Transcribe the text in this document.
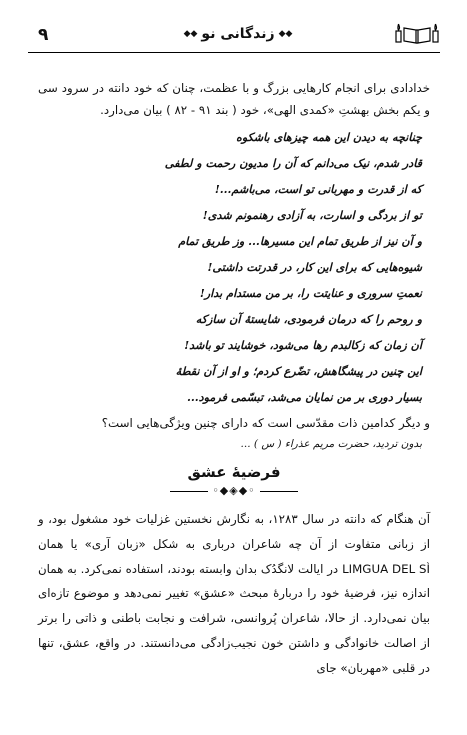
۹	◆◆زندگانی نو◆◆

خدادادی برای انجام کارهایی بزرگ و با عظمت، چنان که خود دانته در سرود سی و یکم بخش بهشتِ «کمدی الهی»، خود ( بند ۹۱ - ۸۲ ) بیان می‌دارد.

چنانچه به دیدن این همه چیزهای باشکوه
قادر شدم، نیک می‌دانم که آن را مدیون رحمت و لطفی
که از قدرت و مهربانی تو است، می‌باشم...!
تو از بردگی و اسارت، به آزادی رهنمونم شدی!
و آن نیز از طریق تمام این مسیرها... وز طریق تمام
شیوه‌هایی که برای این کار، در قدرتت داشتی!
نعمتِ سروری و عنایتت را، بر من مستدام بدار!
و روحم را که درمان فرمودی، شایستهٔ آن سازکه
آن زمان که زکالبدم رها می‌شود، خوشایند تو باشد!
این چنین در پیشگاهش، تضّرع کردم؛ و او از آن نقطهٔ
بسیار دوری بر من نمایان می‌شد، تبسّمی فرمود...
و دیگر کدامین ذات مقدّسی است که دارای چنین ویژگی‌هایی است؟
بدون تردید، حضرت مریم عذراء ( س ) ...
فرضیهٔ عشق
◦◆◈◆◦

آن هنگام که دانته در سال ۱۲۸۳، به نگارش نخستین غزلیات خود مشغول بود، و از زبانی متفاوت از آن چه شاعران درباری به شکل «زبان آری» یا همان LIMGUA DEL SÌ در ایالت لانگدُک بدان وابسته بودند، استفاده نمی‌کرد. به همان اندازه نیز، فرضیهٔ خود را دربارهٔ مبحث «عشق» تغییر نمی‌دهد و موضوع تازه‌ای بیان نمی‌دارد. از حالا، شاعران پُروانسی، شرافت و نجابت باطنی و ذاتی را برتر از اصالت خانوادگی و داشتن خون نجیب‌زادگی می‌دانستند. در واقع، عشق، تنها در قلبی «مهربان» جای
